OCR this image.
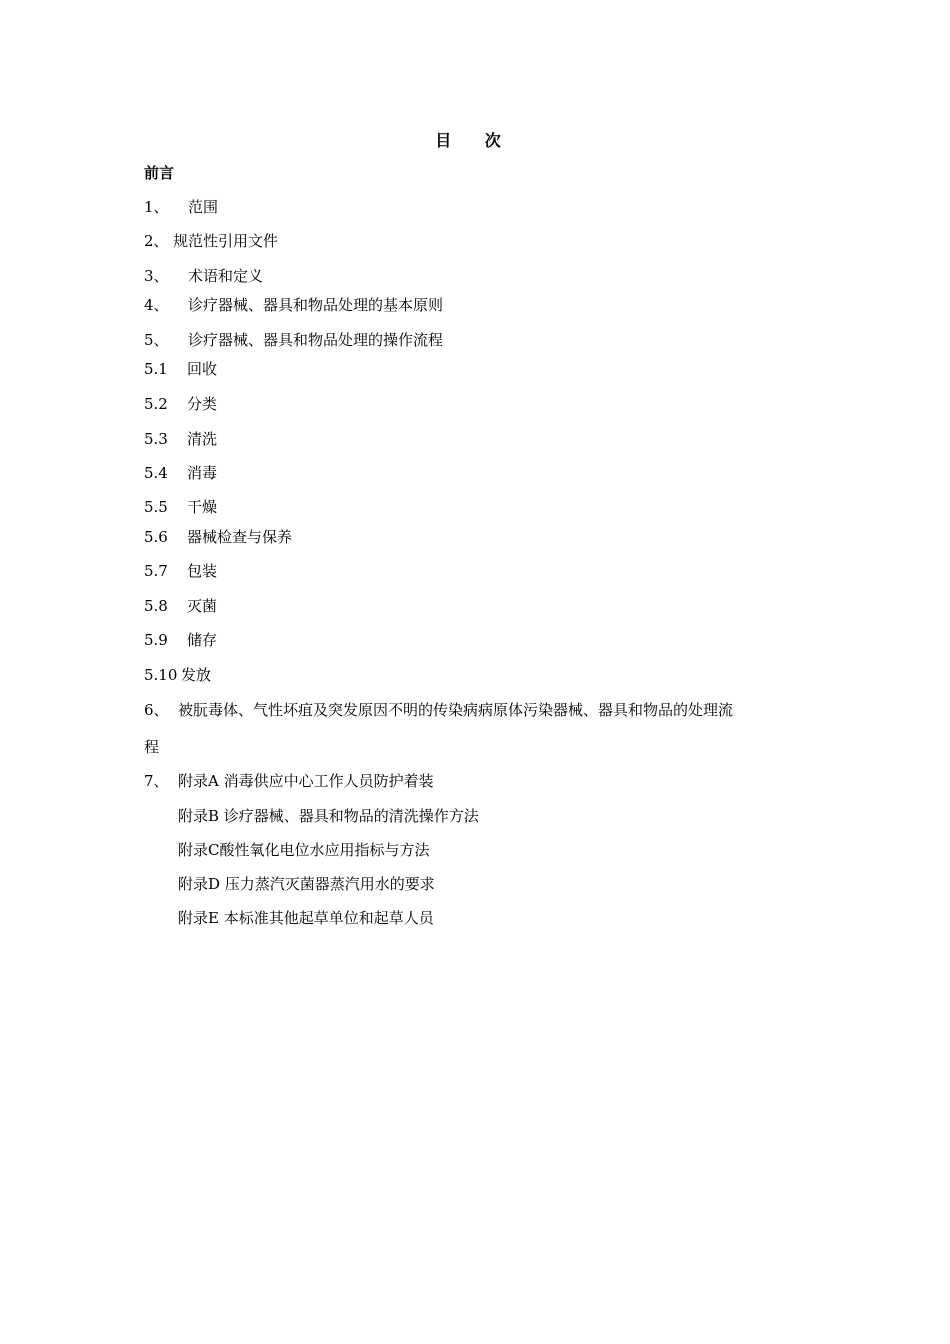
目 次
前言
1、 范围
2、 规范性引用文件
3、 术语和定义
4、 诊疗器械、器具和物品处理的基本原则
5、 诊疗器械、器具和物品处理的操作流程
5.1 回收
5.2 分类
5.3 清洗
5.4 消毒
5.5 干燥
5.6 器械检查与保养
5.7 包装
5.8 灭菌
5.9 储存
5.10 发放
6、 被朊毒体、气性坏疽及突发原因不明的传染病病原体污染器械、器具和物品的处理流
程
7、 附录A 消毒供应中心工作人员防护着装
附录B 诊疗器械、器具和物品的清洗操作方法
附录C酸性氧化电位水应用指标与方法
附录D 压力蒸汽灭菌器蒸汽用水的要求
附录E 本标准其他起草单位和起草人员
